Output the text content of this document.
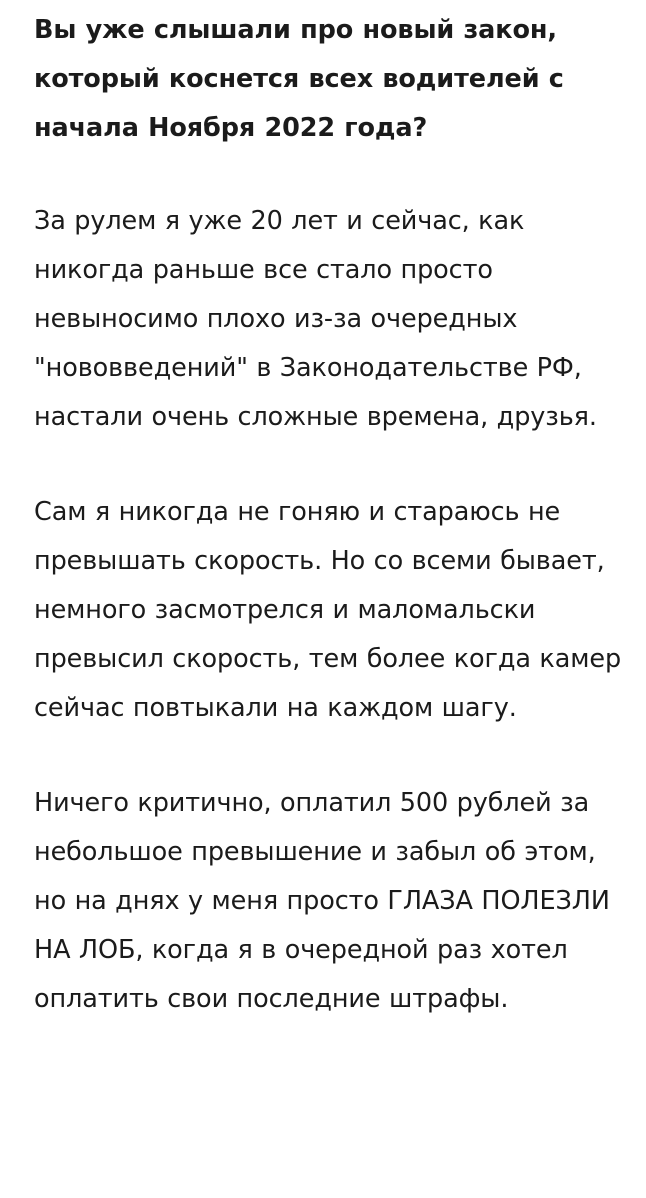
Вы уже слышали про новый закон, который коснется всех водителей с начала Ноября 2022 года?

За рулем я уже 20 лет и сейчас, как никогда раньше все стало просто невыносимо плохо из-за очередных "нововведений" в Законодательстве РФ, настали очень сложные времена, друзья.

Сам я никогда не гоняю и стараюсь не превышать скорость. Но со всеми бывает, немного засмотрелся и маломальски превысил скорость, тем более когда камер сейчас повтыкали на каждом шагу.

Ничего критично, оплатил 500 рублей за небольшое превышение и забыл об этом, но на днях у меня просто ГЛАЗА ПОЛЕЗЛИ НА ЛОБ, когда я в очередной раз хотел оплатить свои последние штрафы.
